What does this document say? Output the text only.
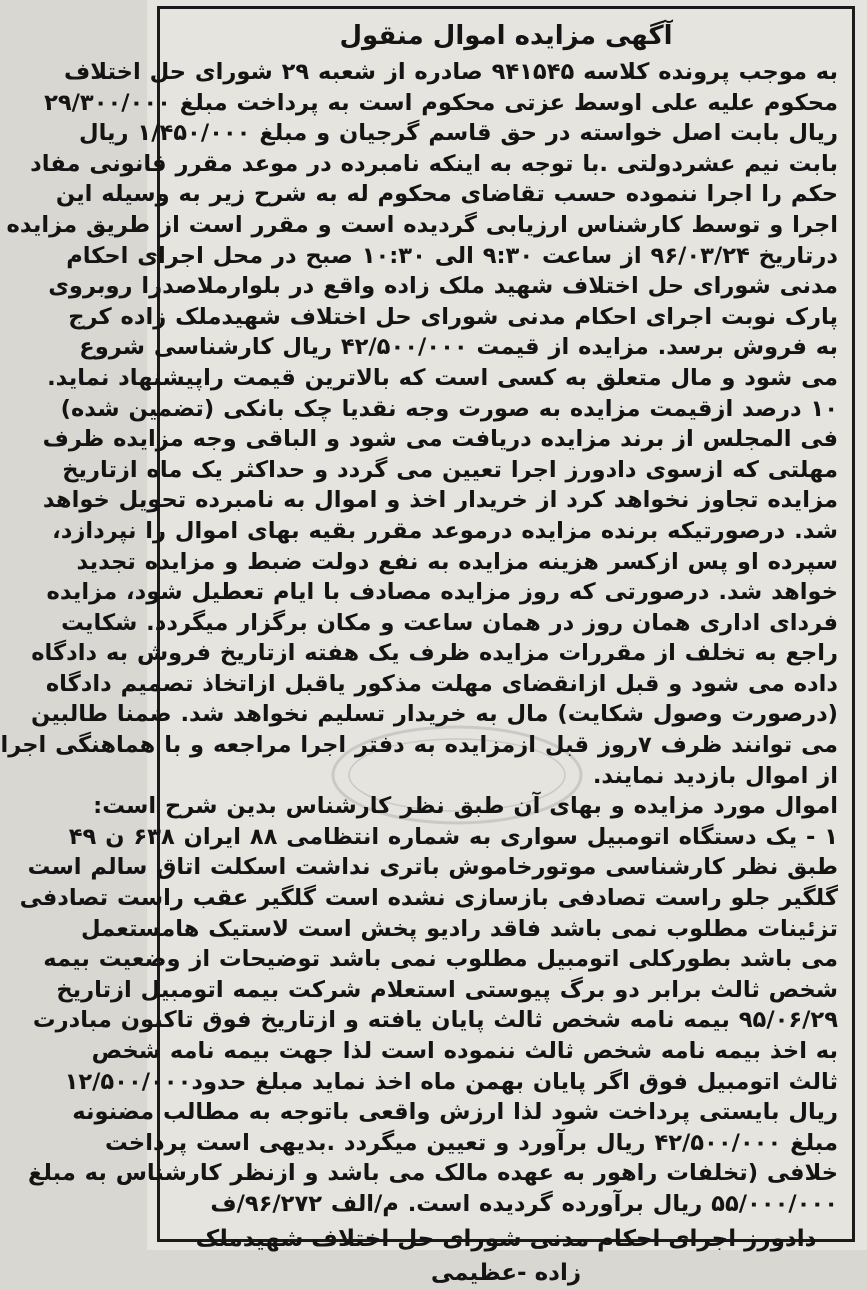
آگهی مزایده اموال منقول
به موجب پرونده کلاسه ۹۴۱۵۴۵ صادره از شعبه ۲۹ شورای حل اختلاف
محکوم علیه علی اوسط عزتی محکوم است به پرداخت مبلغ ۲۹/۳۰۰/۰۰۰
ریال بابت اصل خواسته در حق قاسم گرجیان و مبلغ ۱/۴۵۰/۰۰۰ ریال
بابت نیم عشردولتی .با توجه به اینکه نامبرده در موعد مقرر قانونی مفاد
حکم را اجرا ننموده حسب تقاضای محکوم له به شرح زیر به وسیله این
اجرا و توسط کارشناس ارزیابی گردیده است و مقرر است از طریق مزایده
درتاریخ ۹۶/۰۳/۲۴ از ساعت ۹:۳۰ الی ۱۰:۳۰ صبح در محل اجرای احکام
مدنی شورای حل اختلاف شهید ملک زاده واقع در بلوارملاصدرا روبروی
پارک نوبت اجرای احکام مدنی شورای حل اختلاف شهیدملک زاده کرج
به فروش برسد. مزایده از قیمت ۴۲/۵۰۰/۰۰۰ ریال کارشناسی شروع
می شود و مال متعلق به کسی است که بالاترین قیمت راپیشنهاد نماید.
۱۰ درصد ازقیمت مزایده به صورت وجه نقدیا چک بانکی (تضمین شده)
فی المجلس از برند مزایده دریافت می شود و الباقی وجه مزایده ظرف
مهلتی که ازسوی دادورز اجرا تعیین می گردد و حداکثر یک ماه ازتاریخ
مزایده تجاوز نخواهد کرد از خریدار اخذ و اموال به نامبرده تحویل خواهد
شد. درصورتیکه برنده مزایده درموعد مقرر بقیه بهای اموال را نپردازد،
سپرده او پس ازکسر هزینه مزایده به نفع دولت ضبط و مزایده تجدید
خواهد شد. درصورتی که روز مزایده مصادف با ایام تعطیل شود، مزایده
فردای اداری همان روز در همان ساعت و مکان برگزار میگردد. شکایت
راجع به تخلف از مقررات مزایده ظرف یک هفته ازتاریخ فروش به دادگاه
داده می شود و قبل ازانقضای مهلت مذکور یاقبل ازاتخاذ تصمیم دادگاه
(درصورت وصول شکایت) مال به خریدار تسلیم نخواهد شد. ضمنا طالبین
می توانند ظرف ۷روز قبل ازمزایده به دفتر اجرا مراجعه و با هماهنگی اجرا
از اموال بازدید نمایند.
اموال مورد مزایده و بهای آن طبق نظر کارشناس بدین شرح است:
۱ - یک دستگاه اتومبیل سواری به شماره انتظامی ۸۸ ایران ۶۳۸ ن ۴۹
طبق نظر کارشناسی موتورخاموش باتری نداشت اسکلت اتاق سالم است
گلگیر جلو راست تصادفی بازسازی نشده است گلگیر عقب راست تصادفی
تزئینات مطلوب نمی باشد فاقد رادیو پخش است لاستیک هامستعمل
می باشد بطورکلی اتومبیل مطلوب نمی باشد توضیحات از وضعیت بیمه
شخص ثالث برابر دو برگ پیوستی استعلام شرکت بیمه اتومبیل ازتاریخ
۹۵/۰۶/۲۹ بیمه نامه شخص ثالث پایان یافته و ازتاریخ فوق تاکنون مبادرت
به اخذ بیمه نامه شخص ثالث ننموده است لذا جهت بیمه نامه شخص
ثالث اتومبیل فوق اگر پایان بهمن ماه اخذ نماید مبلغ حدود۱۲/۵۰۰/۰۰۰
ریال بایستی پرداخت شود لذا ارزش واقعی باتوجه به مطالب مضنونه
مبلغ ۴۲/۵۰۰/۰۰۰ ریال برآورد و تعیین میگردد .بدیهی است پرداخت
خلافی (تخلفات راهور به عهده مالک می باشد و ازنظر کارشناس به مبلغ
۵۵/۰۰۰/۰۰۰ ریال برآورده گردیده است. م/الف ۹۶/۲۷۲/ف
دادورز اجرای احکام مدنی شورای حل اختلاف شهیدملک زاده -عظیمی
